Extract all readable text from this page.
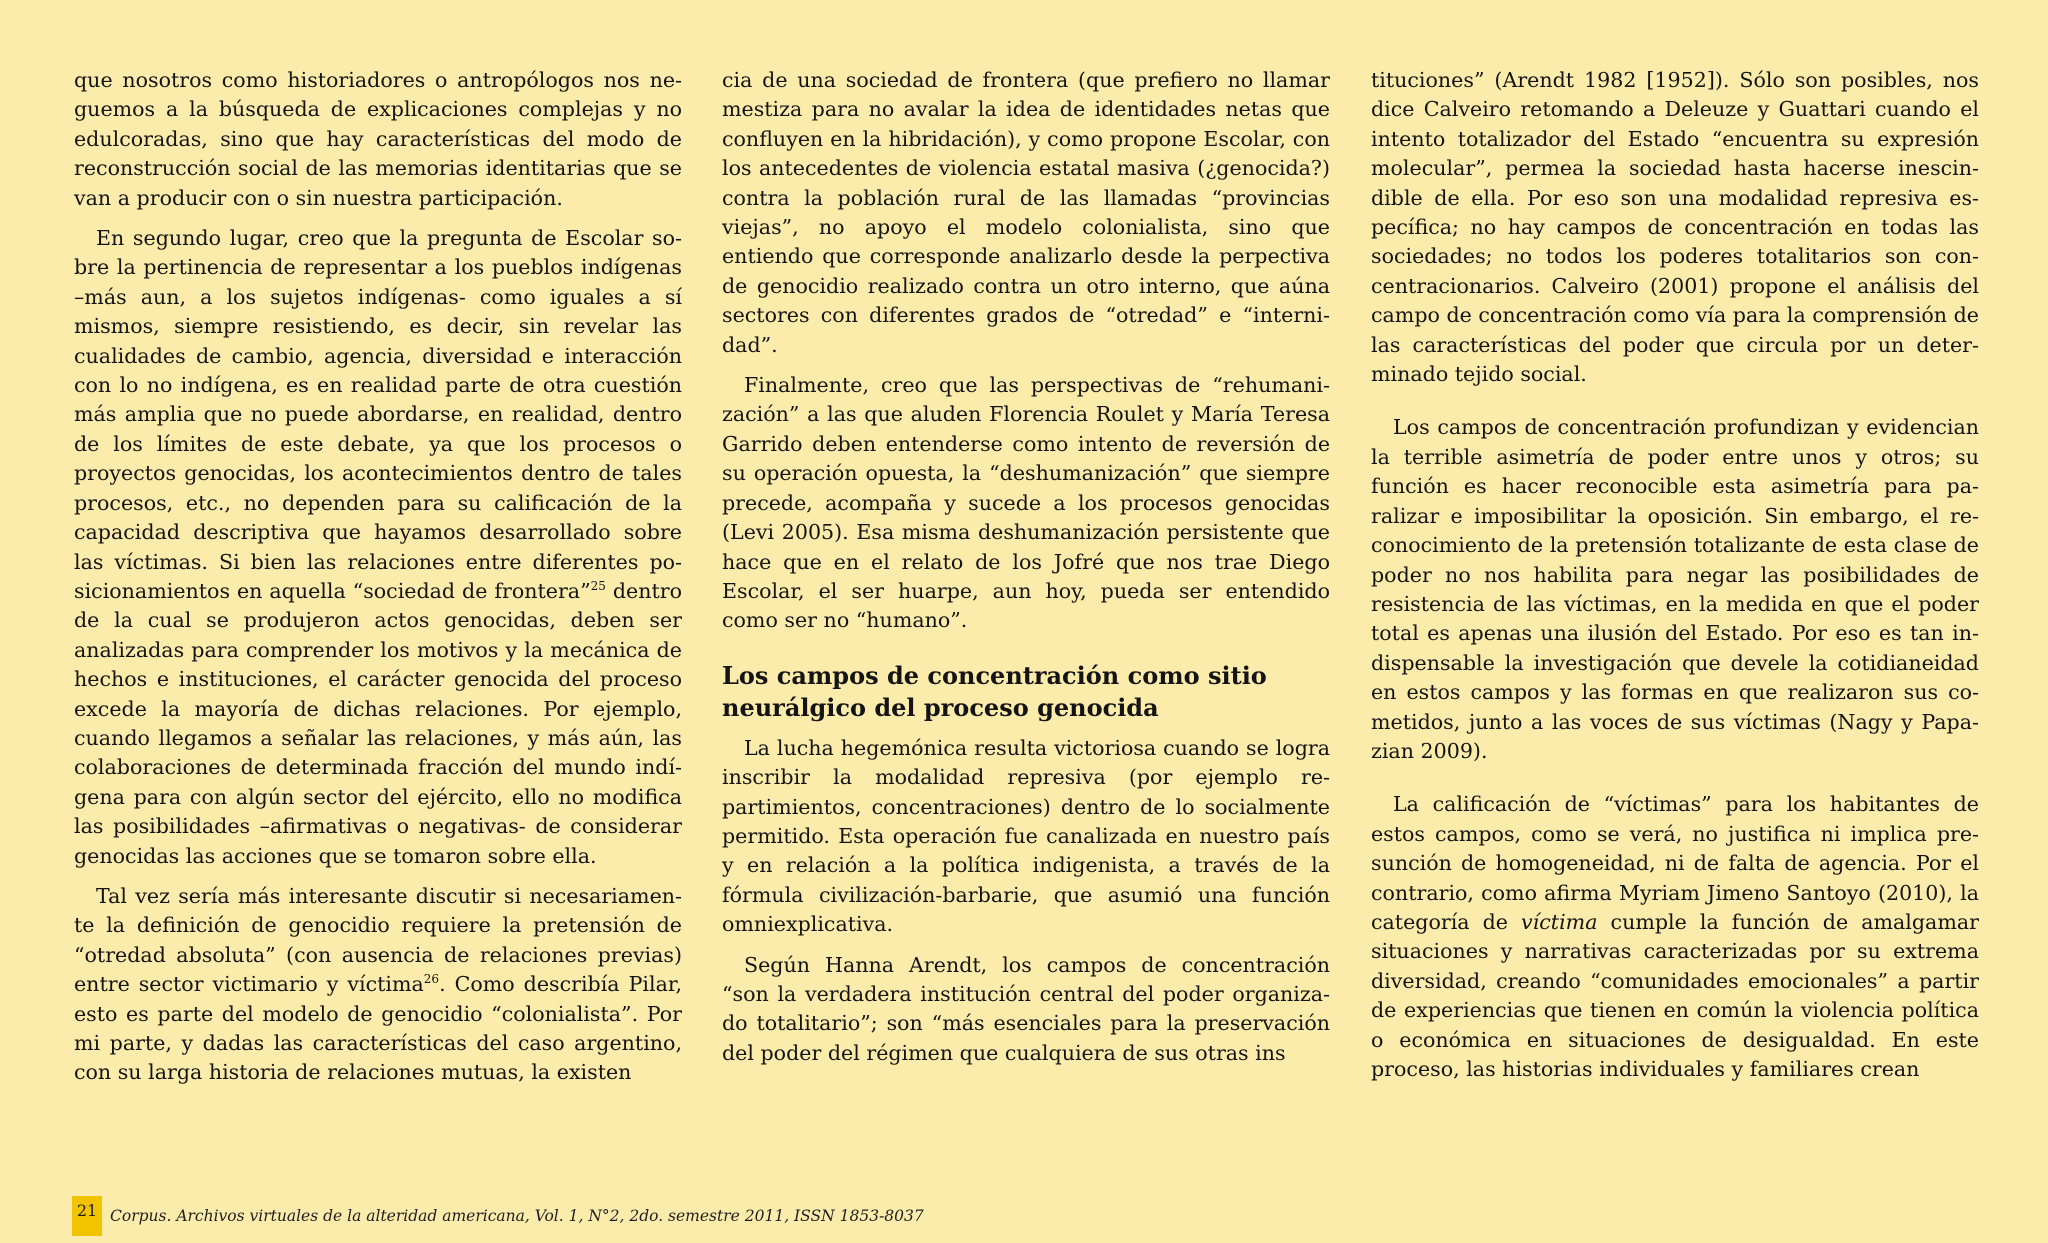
que nosotros como historiadores o antropólogos nos neguemos a la búsqueda de explicaciones complejas y no edulcoradas, sino que hay características del modo de reconstrucción social de las memorias identitarias que se van a producir con o sin nuestra participación.

En segundo lugar, creo que la pregunta de Escolar sobre la pertinencia de representar a los pueblos indígenas –más aun, a los sujetos indígenas- como iguales a sí mismos, siempre resistiendo, es decir, sin revelar las cualidades de cambio, agencia, diversidad e interacción con lo no indígena, es en realidad parte de otra cuestión más amplia que no puede abordarse, en realidad, dentro de los límites de este debate, ya que los procesos o proyectos genocidas, los acontecimientos dentro de tales procesos, etc., no dependen para su calificación de la capacidad descriptiva que hayamos desarrollado sobre las víctimas. Si bien las relaciones entre diferentes posicionamientos en aquella “sociedad de frontera”$^{25}$ dentro de la cual se produjeron actos genocidas, deben ser analizadas para comprender los motivos y la mecánica de hechos e instituciones, el carácter genocida del proceso excede la mayoría de dichas relaciones. Por ejemplo, cuando llegamos a señalar las relaciones, y más aún, las colaboraciones de determinada fracción del mundo indígena para con algún sector del ejército, ello no modifica las posibilidades –afirmativas o negativas- de considerar genocidas las acciones que se tomaron sobre ella.

Tal vez sería más interesante discutir si necesariamente la definición de genocidio requiere la pretensión de “otredad absoluta” (con ausencia de relaciones previas) entre sector victimario y víctima$^{26}$. Como describía Pilar, esto es parte del modelo de genocidio “colonialista”. Por mi parte, y dadas las características del caso argentino, con su larga historia de relaciones mutuas, la existen

cia de una sociedad de frontera (que prefiero no llamar mestiza para no avalar la idea de identidades netas que confluyen en la hibridación), y como propone Escolar, con los antecedentes de violencia estatal masiva (¿genocida?) contra la población rural de las llamadas “provincias viejas”, no apoyo el modelo colonialista, sino que entiendo que corresponde analizarlo desde la perpectiva de genocidio realizado contra un otro interno, que aúna sectores con diferentes grados de “otredad” e “internidad”.

Finalmente, creo que las perspectivas de “rehumanización” a las que aluden Florencia Roulet y María Teresa Garrido deben entenderse como intento de reversión de su operación opuesta, la “deshumanización” que siempre precede, acompaña y sucede a los procesos genocidas (Levi 2005). Esa misma deshumanización persistente que hace que en el relato de los Jofré que nos trae Diego Escolar, el ser huarpe, aun hoy, pueda ser entendido como ser no “humano”.

Los campos de concentración como sitio neurálgico del proceso genocida

La lucha hegemónica resulta victoriosa cuando se logra inscribir la modalidad represiva (por ejemplo repartimientos, concentraciones) dentro de lo socialmente permitido. Esta operación fue canalizada en nuestro país y en relación a la política indigenista, a través de la fórmula civilización-barbarie, que asumió una función omniexplicativa.

Según Hanna Arendt, los campos de concentración “son la verdadera institución central del poder organizado totalitario”; son “más esenciales para la preservación del poder del régimen que cualquiera de sus otras ins

tituciones” (Arendt 1982 [1952]). Sólo son posibles, nos dice Calveiro retomando a Deleuze y Guattari cuando el intento totalizador del Estado “encuentra su expresión molecular”, permea la sociedad hasta hacerse inescindible de ella. Por eso son una modalidad represiva específica; no hay campos de concentración en todas las sociedades; no todos los poderes totalitarios son concentracionarios. Calveiro (2001) propone el análisis del campo de concentración como vía para la comprensión de las características del poder que circula por un determinado tejido social.

Los campos de concentración profundizan y evidencian la terrible asimetría de poder entre unos y otros; su función es hacer reconocible esta asimetría para paralizar e imposibilitar la oposición. Sin embargo, el reconocimiento de la pretensión totalizante de esta clase de poder no nos habilita para negar las posibilidades de resistencia de las víctimas, en la medida en que el poder total es apenas una ilusión del Estado. Por eso es tan indispensable la investigación que devele la cotidianeidad en estos campos y las formas en que realizaron sus cometidos, junto a las voces de sus víctimas (Nagy y Papazian 2009).

La calificación de “víctimas” para los habitantes de estos campos, como se verá, no justifica ni implica presunción de homogeneidad, ni de falta de agencia. Por el contrario, como afirma Myriam Jimeno Santoyo (2010), la categoría de víctima cumple la función de amalgamar situaciones y narrativas caracterizadas por su extrema diversidad, creando “comunidades emocionales” a partir de experiencias que tienen en común la violencia política o económica en situaciones de desigualdad. En este proceso, las historias individuales y familiares crean

21 Corpus. Archivos virtuales de la alteridad americana, Vol. 1, N°2, 2do. semestre 2011, ISSN 1853-8037
